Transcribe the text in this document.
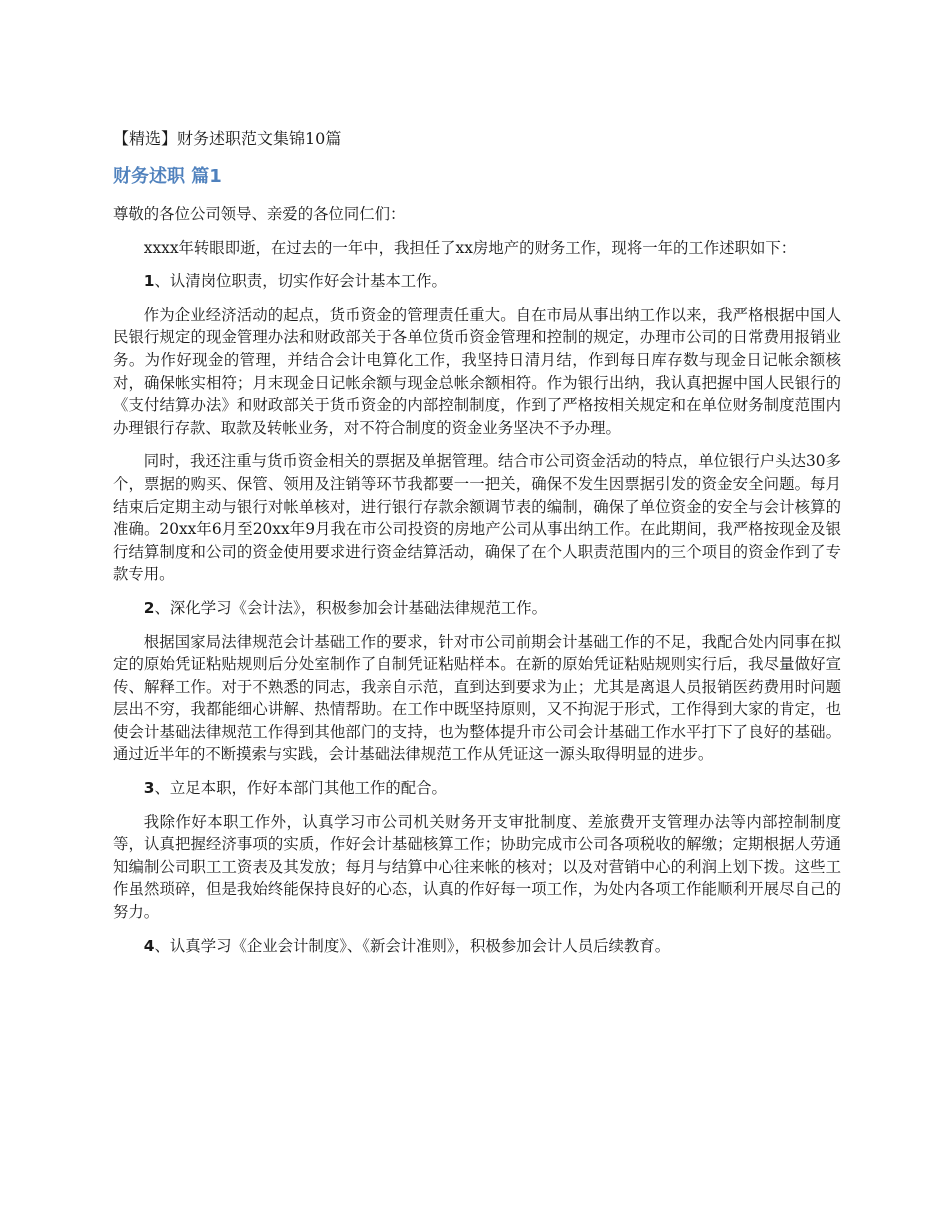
【精选】财务述职范文集锦10篇
财务述职 篇1

尊敬的各位公司领导、亲爱的各位同仁们：

xxxx年转眼即逝，在过去的一年中，我担任了xx房地产的财务工作，现将一年的工作述职如下：

1、认清岗位职责，切实作好会计基本工作。

作为企业经济活动的起点，货币资金的管理责任重大。自在市局从事出纳工作以来，我严格根据中国人民银行规定的现金管理办法和财政部关于各单位货币资金管理和控制的规定，办理市公司的日常费用报销业务。为作好现金的管理，并结合会计电算化工作，我坚持日清月结，作到每日库存数与现金日记帐余额核对，确保帐实相符；月末现金日记帐余额与现金总帐余额相符。作为银行出纳，我认真把握中国人民银行的《支付结算办法》和财政部关于货币资金的内部控制制度，作到了严格按相关规定和在单位财务制度范围内办理银行存款、取款及转帐业务，对不符合制度的资金业务坚决不予办理。

同时，我还注重与货币资金相关的票据及单据管理。结合市公司资金活动的特点，单位银行户头达30多个，票据的购买、保管、领用及注销等环节我都要一一把关，确保不发生因票据引发的资金安全问题。每月结束后定期主动与银行对帐单核对，进行银行存款余额调节表的编制，确保了单位资金的安全与会计核算的准确。20xx年6月至20xx年9月我在市公司投资的房地产公司从事出纳工作。在此期间，我严格按现金及银行结算制度和公司的资金使用要求进行资金结算活动，确保了在个人职责范围内的三个项目的资金作到了专款专用。

2、深化学习《会计法》，积极参加会计基础法律规范工作。

根据国家局法律规范会计基础工作的要求，针对市公司前期会计基础工作的不足，我配合处内同事在拟定的原始凭证粘贴规则后分处室制作了自制凭证粘贴样本。在新的原始凭证粘贴规则实行后，我尽量做好宣传、解释工作。对于不熟悉的同志，我亲自示范，直到达到要求为止；尤其是离退人员报销医药费用时问题层出不穷，我都能细心讲解、热情帮助。在工作中既坚持原则，又不拘泥于形式，工作得到大家的肯定，也使会计基础法律规范工作得到其他部门的支持，也为整体提升市公司会计基础工作水平打下了良好的基础。通过近半年的不断摸索与实践，会计基础法律规范工作从凭证这一源头取得明显的进步。

3、立足本职，作好本部门其他工作的配合。

我除作好本职工作外，认真学习市公司机关财务开支审批制度、差旅费开支管理办法等内部控制制度等，认真把握经济事项的实质，作好会计基础核算工作；协助完成市公司各项税收的解缴；定期根据人劳通知编制公司职工工资表及其发放；每月与结算中心往来帐的核对；以及对营销中心的利润上划下拨。这些工作虽然琐碎，但是我始终能保持良好的心态，认真的作好每一项工作，为处内各项工作能顺利开展尽自己的努力。

4、认真学习《企业会计制度》、《新会计准则》，积极参加会计人员后续教育。
